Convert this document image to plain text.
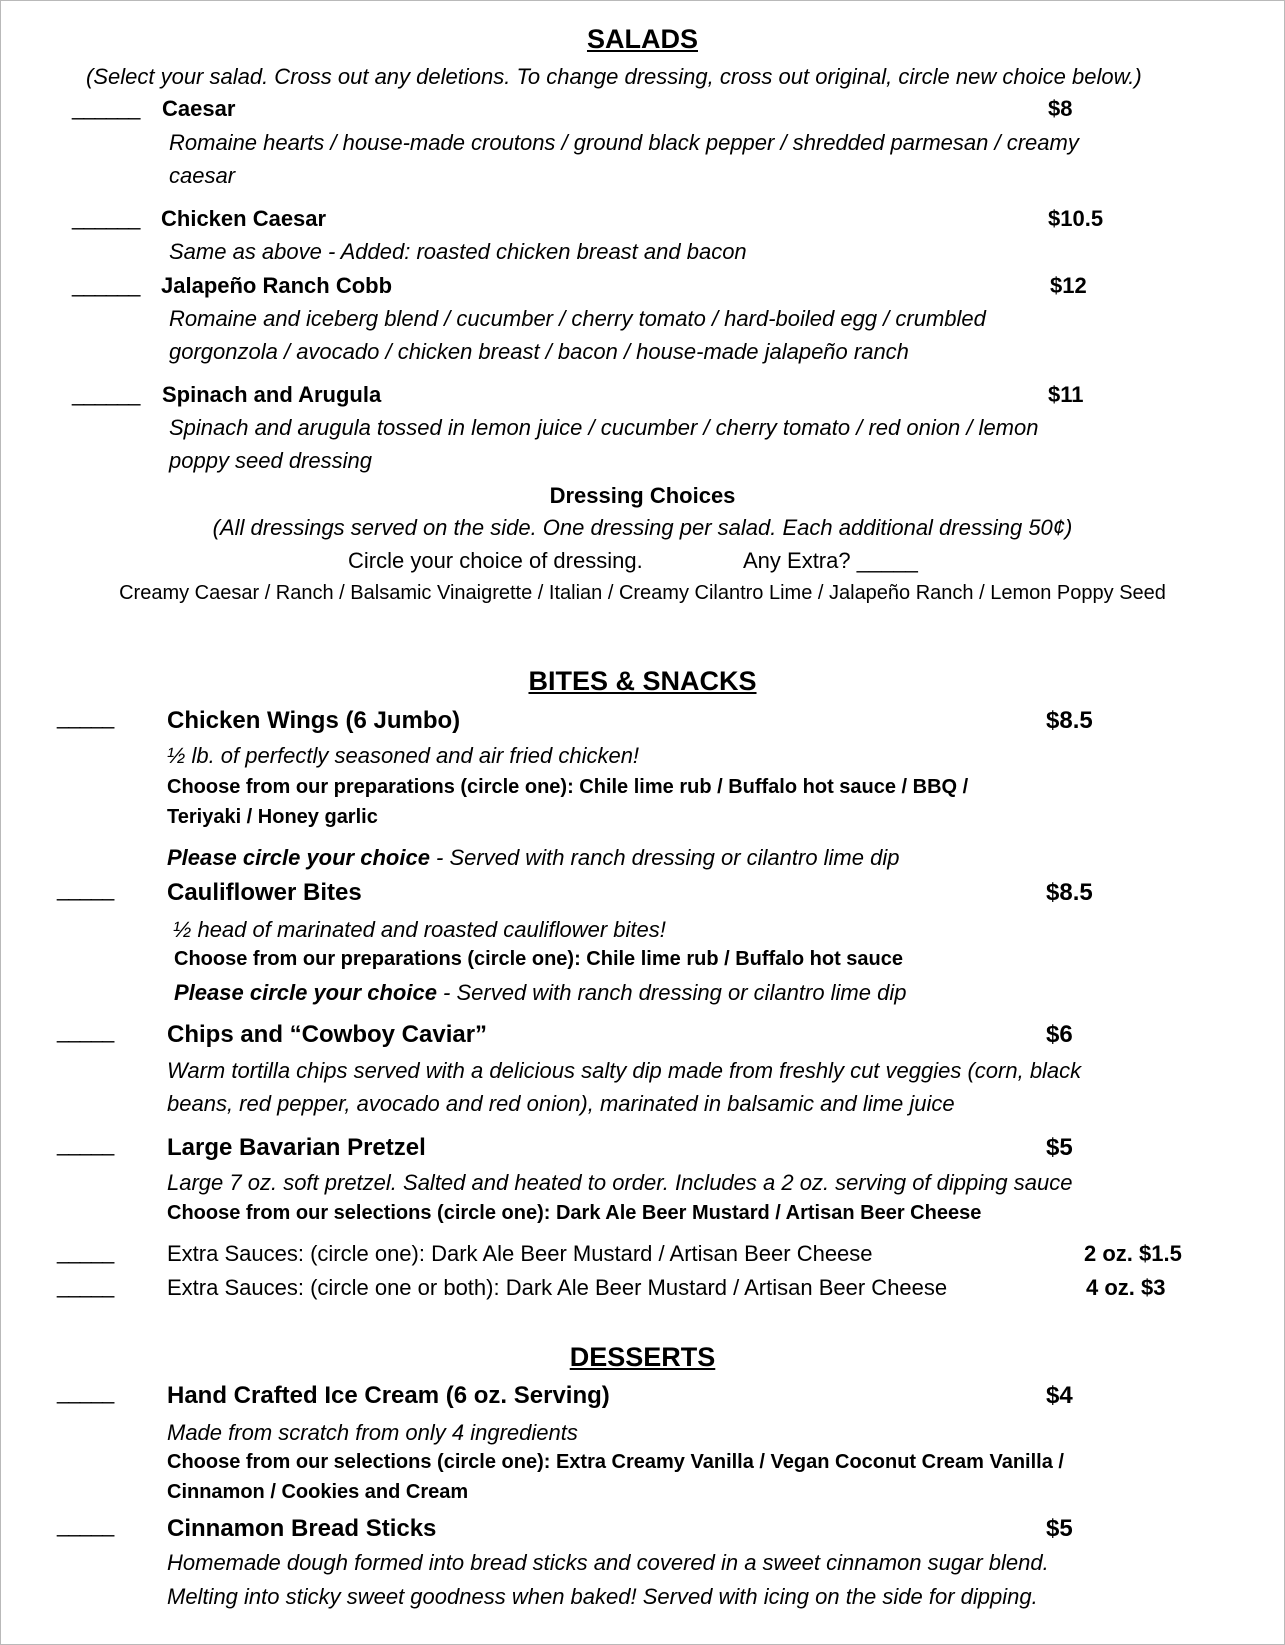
SALADS
(Select your salad. Cross out any deletions. To change dressing, cross out original, circle new choice below.)
______ Caesar	$8
Romaine hearts / house-made croutons / ground black pepper / shredded parmesan / creamy
caesar
______ Chicken Caesar	$10.5
Same as above - Added: roasted chicken breast and bacon
______ Jalapeño Ranch Cobb	$12
Romaine and iceberg blend / cucumber / cherry tomato / hard-boiled egg / crumbled
gorgonzola / avocado / chicken breast / bacon / house-made jalapeño ranch
______ Spinach and Arugula	$11
Spinach and arugula tossed in lemon juice / cucumber / cherry tomato / red onion / lemon
poppy seed dressing
Dressing Choices
(All dressings served on the side. One dressing per salad. Each additional dressing 50¢)
Circle your choice of dressing.	Any Extra? _____
Creamy Caesar / Ranch / Balsamic Vinaigrette / Italian / Creamy Cilantro Lime / Jalapeño Ranch / Lemon Poppy Seed
BITES & SNACKS
_____ Chicken Wings (6 Jumbo)	$8.5
½ lb. of perfectly seasoned and air fried chicken!
Choose from our preparations (circle one): Chile lime rub / Buffalo hot sauce / BBQ /
Teriyaki / Honey garlic
Please circle your choice - Served with ranch dressing or cilantro lime dip
_____ Cauliflower Bites	$8.5
½ head of marinated and roasted cauliflower bites!
Choose from our preparations (circle one): Chile lime rub / Buffalo hot sauce
Please circle your choice - Served with ranch dressing or cilantro lime dip
_____ Chips and “Cowboy Caviar”	$6
Warm tortilla chips served with a delicious salty dip made from freshly cut veggies (corn, black
beans, red pepper, avocado and red onion), marinated in balsamic and lime juice
_____ Large Bavarian Pretzel	$5
Large 7 oz. soft pretzel. Salted and heated to order. Includes a 2 oz. serving of dipping sauce
Choose from our selections (circle one): Dark Ale Beer Mustard / Artisan Beer Cheese
_____ Extra Sauces: (circle one): Dark Ale Beer Mustard / Artisan Beer Cheese	2 oz. $1.5
_____ Extra Sauces: (circle one or both): Dark Ale Beer Mustard / Artisan Beer Cheese	4 oz. $3
DESSERTS
_____ Hand Crafted Ice Cream (6 oz. Serving)	$4
Made from scratch from only 4 ingredients
Choose from our selections (circle one): Extra Creamy Vanilla / Vegan Coconut Cream Vanilla /
Cinnamon / Cookies and Cream
_____ Cinnamon Bread Sticks	$5
Homemade dough formed into bread sticks and covered in a sweet cinnamon sugar blend.
Melting into sticky sweet goodness when baked! Served with icing on the side for dipping.
